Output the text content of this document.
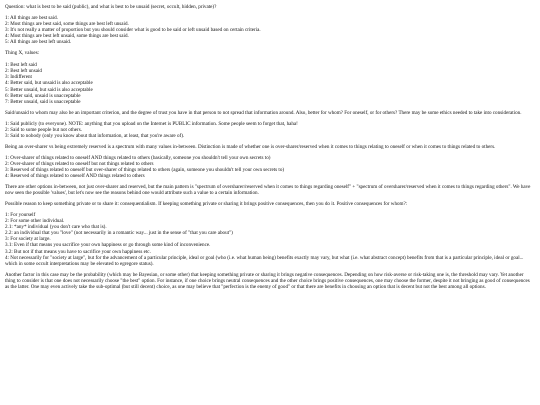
Question: what is best to be said (public), and what is best to be unsaid (secret, occult, hidden, private)?

1: All things are best said.
2: Most things are best said, some things are best left unsaid.
3: It's not really a matter of proportion but you should consider what is good to be said or left unsaid based on certain criteria.
4: Most things are best left unsaid, some things are best said.
5: All things are best left unsaid.
Thing X, values:
1: Best left said
2: Best left unsaid
3: Indifferent
4: Better said, but unsaid is also acceptable
5: Better unsaid, but said is also acceptable
6: Better said, unsaid is unacceptable
7: Better unsaid, said is unacceptable

Said/unsaid to whom may also be an important criterion, and the degree of trust you have in that person to not spread that information around. Also, better for whom? For oneself, or for others? There may be some ethics needed to take into consideration.

1: Said publicly (to everyone). NOTE: anything that you upload on the Internet is PUBLIC information. Some people seem to forget that, haha!
2: Said to some people but not others.
3: Said to nobody (only you know about that information, at least, that you're aware of).

Being an over-sharer vs being extremely reserved is a spectrum with many values in-between. Distinction is made of whether one is over-sharer/reserved when it comes to things relating to oneself or when it comes to things related to others.

1: Over-sharer of things related to oneself AND things related to others (basically, someone you shouldn't tell your own secrets to)
2: Over-sharer of things related to oneself but not things related to others
3: Reserved of things related to oneself but over-sharer of things related to others (again, someone you shouldn't tell your own secrets to)
4: Reserved of things related to oneself AND things related to others

There are other options in-between, not just over-sharer and reserved, but the main pattern is "spectrum of oversharer/reserved when it comes to things regarding oneself" + "spectrum of oversharer/reserved when it comes to things regarding others". We have now seen the possible 'values', but let's now see the reasons behind one would attribute such a value to a certain information.

Possible reason to keep something private or to share it: consequentialism. If keeping something private or sharing it brings positive consequences, then you do it. Positive consequences for whom?:

1: For yourself
2: For some other individual.
2.1: *any* individual (you don't care who that is).
2.2: an individual that you "love" (not necessarily in a romantic way... just in the sense of "that you care about")
3: For society at large.
3.1: Even if that means you sacrifice your own happiness or go through some kind of inconvenience.
3.2: But not if that means you have to sacrifice your own happiness etc.
4: Not necessarily for "society at large", but for the advancement of a particular principle, ideal or goal (who (i.e. what human being) benefits exactly may vary, but what (i.e. what abstract concept) benefits from that is a particular principle, ideal or goal... which in some occult interpretations may be elevated to egregore status).

Another factor in this case may be the probability (which may be Bayesian, or some other) that keeping something private or sharing it brings negative consequences. Depending on how risk-averse or risk-taking one is, the threshold may vary. Yet another thing to consider is that one does not necessarily choose "the best" option. For instance, if one choice brings neutral consequences and the other choice brings positive consequences, one may choose the former, despite it not bringing as good of consequences as the latter. One may even actively take the sub-optimal (but still decent) choice, as one may believe that "perfection is the enemy of good" or that there are benefits in choosing an option that is decent but not the best among all options.
